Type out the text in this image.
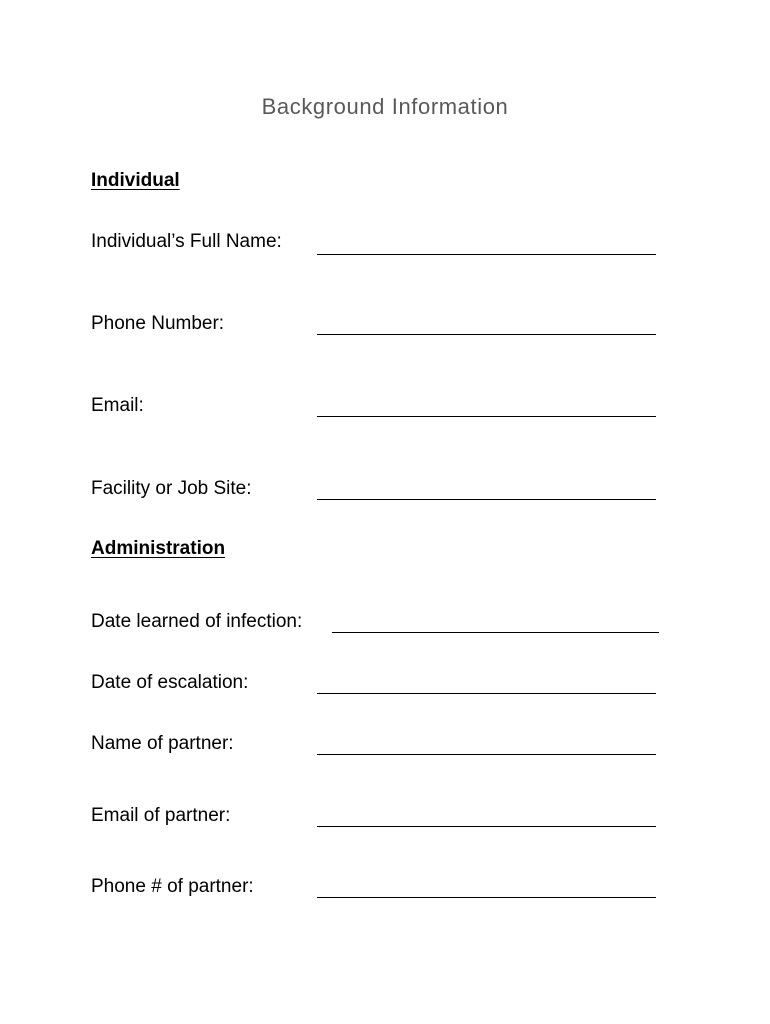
Background Information
Individual
Individual’s Full Name:
Phone Number:
Email:
Facility or Job Site:
Administration
Date learned of infection:
Date of escalation:
Name of partner:
Email of partner:
Phone # of partner:
